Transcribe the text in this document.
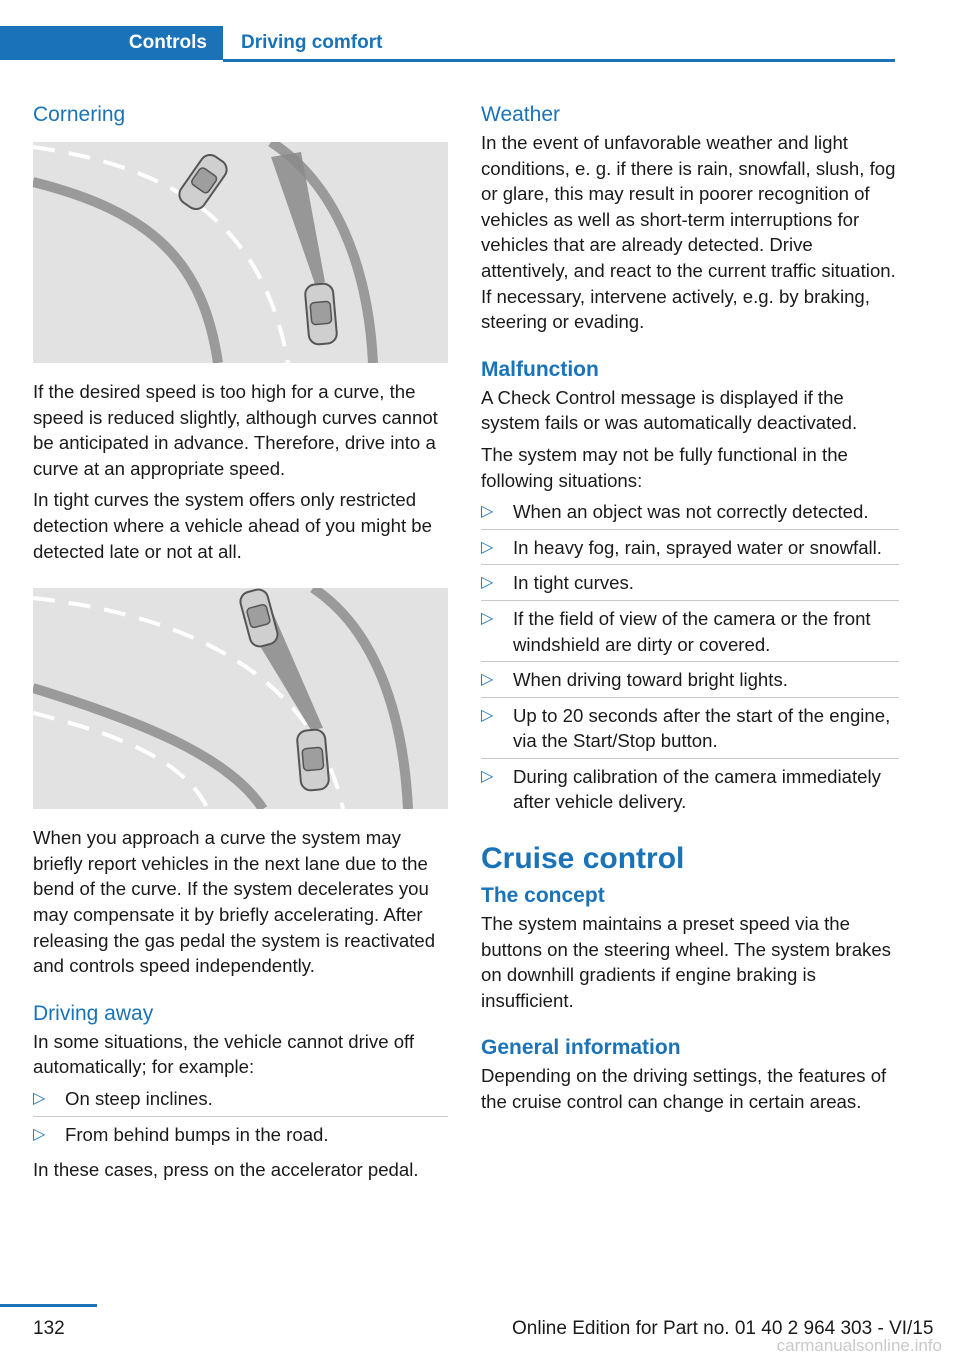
Controls	Driving comfort
Cornering

If the desired speed is too high for a curve, the speed is reduced slightly, although curves cannot be anticipated in advance. Therefore, drive into a curve at an appropriate speed.

In tight curves the system offers only restricted detection where a vehicle ahead of you might be detected late or not at all.

When you approach a curve the system may briefly report vehicles in the next lane due to the bend of the curve. If the system decelerates you may compensate it by briefly accelerating. After releasing the gas pedal the system is reactivated and controls speed independently.

Driving away

In some situations, the vehicle cannot drive off automatically; for example:

▷ On steep inclines.
▷ From behind bumps in the road.

In these cases, press on the accelerator pedal.

Weather

In the event of unfavorable weather and light conditions, e. g. if there is rain, snowfall, slush, fog or glare, this may result in poorer recognition of vehicles as well as short-term interruptions for vehicles that are already detected. Drive attentively, and react to the current traffic situation. If necessary, intervene actively, e.g. by braking, steering or evading.

Malfunction

A Check Control message is displayed if the system fails or was automatically deactivated.

The system may not be fully functional in the following situations:

▷ When an object was not correctly detected.
▷ In heavy fog, rain, sprayed water or snowfall.
▷ In tight curves.
▷ If the field of view of the camera or the front windshield are dirty or covered.
▷ When driving toward bright lights.
▷ Up to 20 seconds after the start of the engine, via the Start/Stop button.
▷ During calibration of the camera immediately after vehicle delivery.
Cruise control
The concept

The system maintains a preset speed via the buttons on the steering wheel. The system brakes on downhill gradients if engine braking is insufficient.

General information

Depending on the driving settings, the features of the cruise control can change in certain areas.

132	Online Edition for Part no. 01 40 2 964 303 - VI/15
carmanualsonline.info
